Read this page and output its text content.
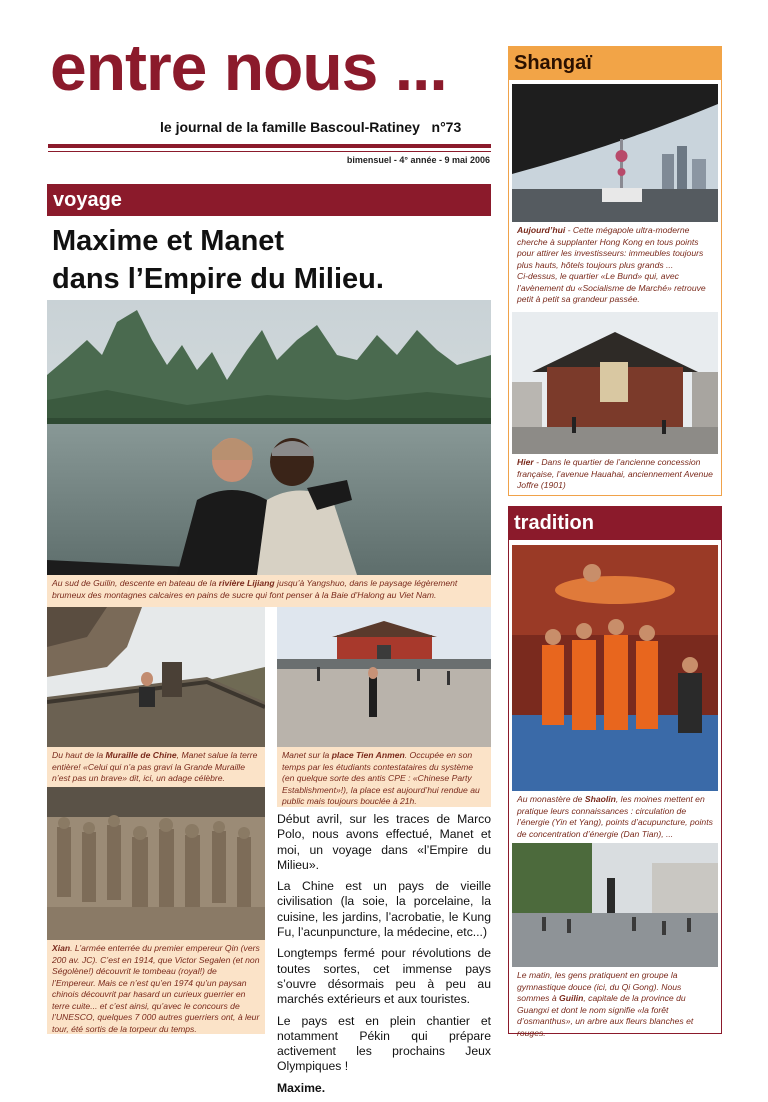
entre nous ...
le journal de la famille Bascoul-Ratiney   n°73
bimensuel - 4° année - 9 mai 2006
voyage
Maxime et Manet
dans l’Empire du Milieu.
Au sud de Guilin, descente en bateau de la rivière Lijiang jusqu’à Yangshuo, dans le paysage légèrement brumeux des montagnes calcaires en pains de sucre qui font penser à la Baie d’Halong au Viet Nam.
Du haut de la Muraille de Chine, Manet salue la terre entière! «Celui qui n’a pas gravi la Grande Muraille n’est pas un brave» dit, ici, un adage célèbre.
Manet sur la place Tien Anmen. Occupée en son temps par les étudiants contestataires du système (en quelque sorte des antis CPE : «Chinese Party Establishment»!), la place est aujourd’hui rendue au public mais toujours bouclée à 21h.
Xian. L’armée enterrée du premier empereur Qin (vers 200 av. JC). C’est en 1914, que Victor Segalen (et non Ségolène!) découvrit le tombeau (royal!) de l’Empereur. Mais ce n’est qu’en 1974 qu’un paysan chinois découvrit par hasard un curieux guerrier en terre cuite... et c’est ainsi, qu’avec le concours de l’UNESCO, quelques 7 000 autres guerriers ont, à leur tour, été sortis de la torpeur du temps.

Début avril, sur les traces de Marco Polo, nous avons effectué, Manet et moi, un voyage dans «l’Empire du Milieu».

La Chine est un pays de vieille civilisation (la soie, la porcelaine, la cuisine, les jardins, l’acrobatie, le Kung Fu, l’acunpuncture, la médecine, etc...)

Longtemps fermé pour révolutions de toutes sortes, cet immense pays s’ouvre désormais peu à peu au marchés extérieurs et aux touristes.

Le pays est en plein chantier et notamment Pékin qui prépare activement les prochains Jeux Olympiques !

Maxime.

Shangaï
Aujourd’hui - Cette mégapole ultra-moderne cherche à supplanter Hong Kong en tous points pour attirer les investisseurs: immeubles toujours plus hauts, hôtels toujours plus grands ...
Ci-dessus, le quartier «Le Bund» qui, avec l’avènement du «Socialisme de Marché» retrouve petit à petit sa grandeur passée.
Hier - Dans le quartier de l’ancienne concession française, l’avenue Hauahai, anciennement Avenue Joffre (1901)
tradition
Au monastère de Shaolin, les moines mettent en pratique leurs connaissances : circulation de l’énergie (Yin et Yang), points d’acupuncture, points de concentration d’énergie (Dan Tian), ...
Le matin, les gens pratiquent en groupe la gymnastique douce (ici, du Qi Gong). Nous sommes à Guilin, capitale de la province du Guangxi et dont le nom signifie «la forêt d’osmanthus», un arbre aux fleurs blanches et rouges.
